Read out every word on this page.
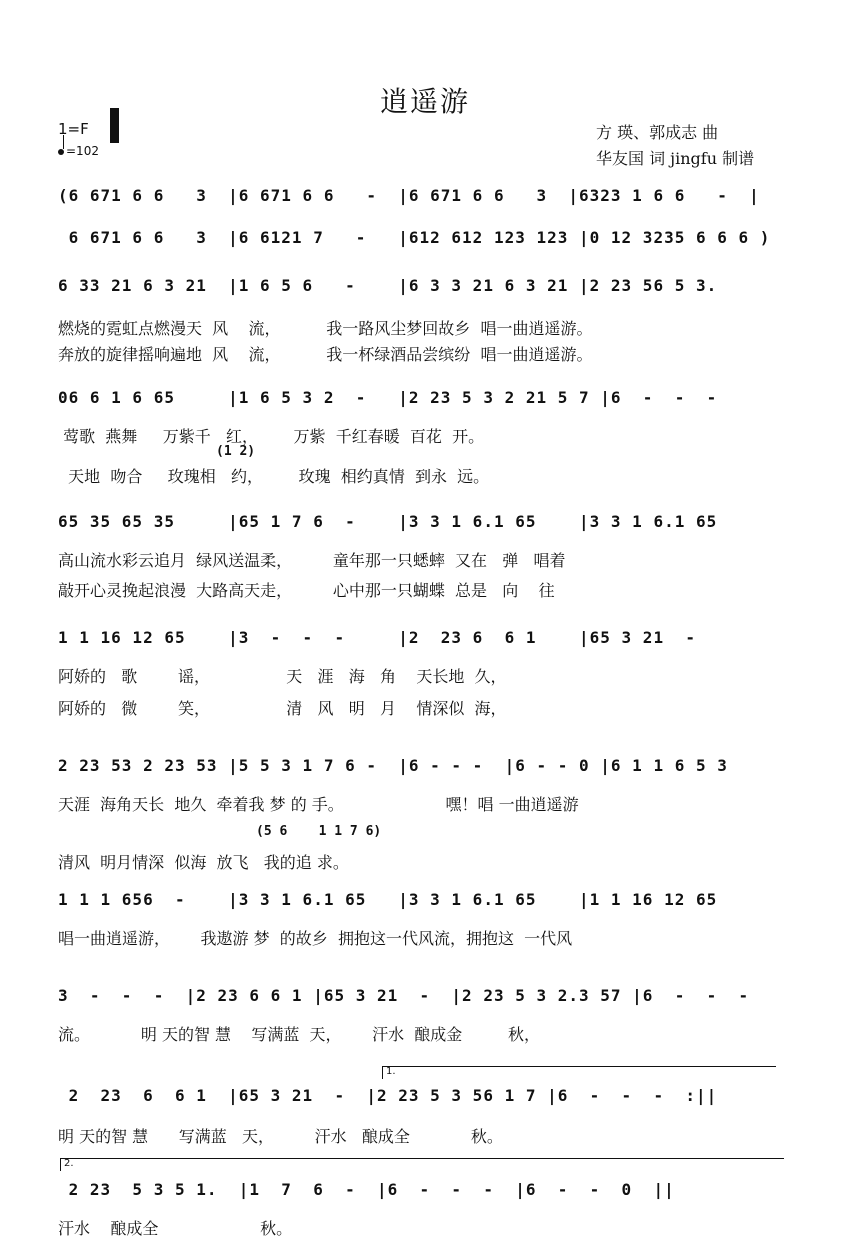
逍遥游
1=F
=102
方 瑛、郭成志 曲
华友国 词 jingfu 制谱
(6 671 6 6   3  |6 671 6 6   -  |6 671 6 6   3  |6323 1 6 6   -  |
6 671 6 6   3  |6 6121 7   -   |612 612 123 123 |0 12 3235 6 6 6 )
6 33 21 6 3 21  |1 6 5 6   -    |6 3 3 21 6 3 21 |2 23 56 5 3.
燃烧的霓虹点燃漫天  风    流，         我一路风尘梦回故乡  唱一曲逍遥游。
奔放的旋律摇响遍地  风    流，         我一杯绿酒品尝缤纷  唱一曲逍遥游。
06 6 1 6 65     |1 6 5 3 2  -   |2 23 5 3 2 21 5 7 |6  -  -  -
莺歌  燕舞     万紫千   红，       万紫  千红春暖  百花  开。
(1 2)
天地  吻合     玫瑰相   约，       玫瑰  相约真情  到永  远。
65 35 65 35     |65 1 7 6  -    |3 3 1 6.1 65    |3 3 1 6.1 65
高山流水彩云追月  绿风送温柔，        童年那一只蟋蟀  又在   弹   唱着
敲开心灵挽起浪漫  大路高天走，        心中那一只蝴蝶  总是   向    往
1 1 16 12 65    |3  -  -  -     |2  23 6  6 1    |65 3 21  -
阿娇的   歌        谣，               天   涯   海   角    天长地  久，
阿娇的   微        笑，               清   风   明   月    情深似  海，
2 23 53 2 23 53 |5 5 3 1 7 6 -  |6 - - -  |6 - - 0 |6 1 1 6 5 3
天涯  海角天长  地久  牵着我 梦 的 手。                    嘿！唱 一曲逍遥游
(5 6    1 1 7 6)
清风  明月情深  似海  放飞   我的追 求。
1 1 1 656  -    |3 3 1 6.1 65   |3 3 1 6.1 65    |1 1 16 12 65
唱一曲逍遥游，      我遨游 梦  的故乡  拥抱这一代风流，拥抱这  一代风
3  -  -  -  |2 23 6 6 1 |65 3 21  -  |2 23 5 3 2.3 57 |6  -  -  -
流。          明 天的智 慧    写满蓝  天，      汗水  酿成金         秋，
1.
2  23  6  6 1  |65 3 21  -  |2 23 5 3 56 1 7 |6  -  -  -  :||
明 天的智 慧      写满蓝   天，        汗水   酿成全            秋。
2.
2 23  5 3 5 1.  |1  7  6  -  |6  -  -  -  |6  -  -  0  ||
汗水    酿成全                    秋。
